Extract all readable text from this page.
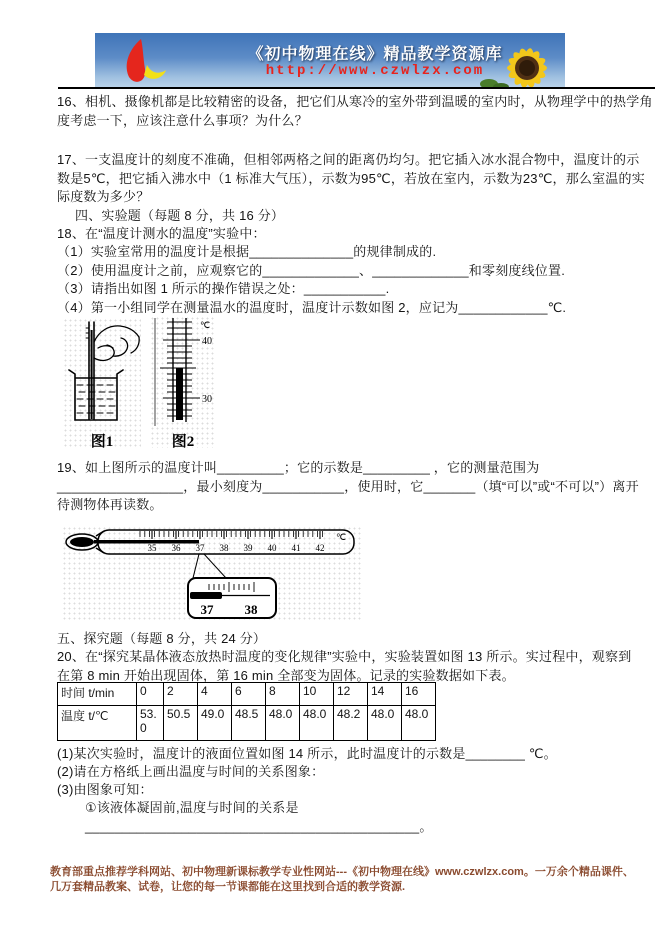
《初中物理在线》精品教学资源库
http://www.czwlzx.com
16、相机、摄像机都是比较精密的设备，把它们从寒冷的室外带到温暖的室内时，从物理学中的热学角
度考虑一下，应该注意什么事项？为什么？
17、一支温度计的刻度不准确，但相邻两格之间的距离仍均匀。把它插入冰水混合物中，温度计的示
数是5℃，把它插入沸水中（1 标准大气压），示数为95℃，若放在室内，示数为23℃，那么室温的实
际度数为多少？
四、实验题（每题 8 分，共 16 分）
18、在“温度计测水的温度”实验中：
（1）实验室常用的温度计是根据______________的规律制成的.
（2）使用温度计之前，应观察它的_____________、_____________和零刻度线位置.
（3）请指出如图 1 所示的操作错误之处：___________.
（4）第一小组同学在测量温水的温度时，温度计示数如图 2，应记为____________℃.
图1
℃
40
30
图2
19、如上图所示的温度计叫_________；它的示数是_________ ，它的测量范围为
_________________，最小刻度为___________，使用时，它_______（填“可以”或“不可以”）离开
待测物体再读数。
35 36 37 38 39 40 41 42
℃
37 38
五、探究题（每题 8 分，共 24 分）
20、在“探究某晶体液态放热时温度的变化规律”实验中，实验装置如图 13 所示。实过程中，观察到
在第 8 min 开始出现固体，第 16 min 全部变为固体。记录的实验数据如下表。
时间 t/min	0	2	4	6	8	10	12	14	16
温度 t/℃	53.0	50.5	49.0	48.5	48.0	48.0	48.2	48.0	48.0
(1)某次实验时，温度计的液面位置如图 14 所示，此时温度计的示数是________ ℃。
(2)请在方格纸上画出温度与时间的关系图象：
(3)由图象可知：
①该液体凝固前,温度与时间的关系是_____________________________________________。
教育部重点推荐学科网站、初中物理新课标教学专业性网站---《初中物理在线》www.czwlzx.com。一万余个精品课件、
几万套精品教案、试卷，让您的每一节课都能在这里找到合适的教学资源.
